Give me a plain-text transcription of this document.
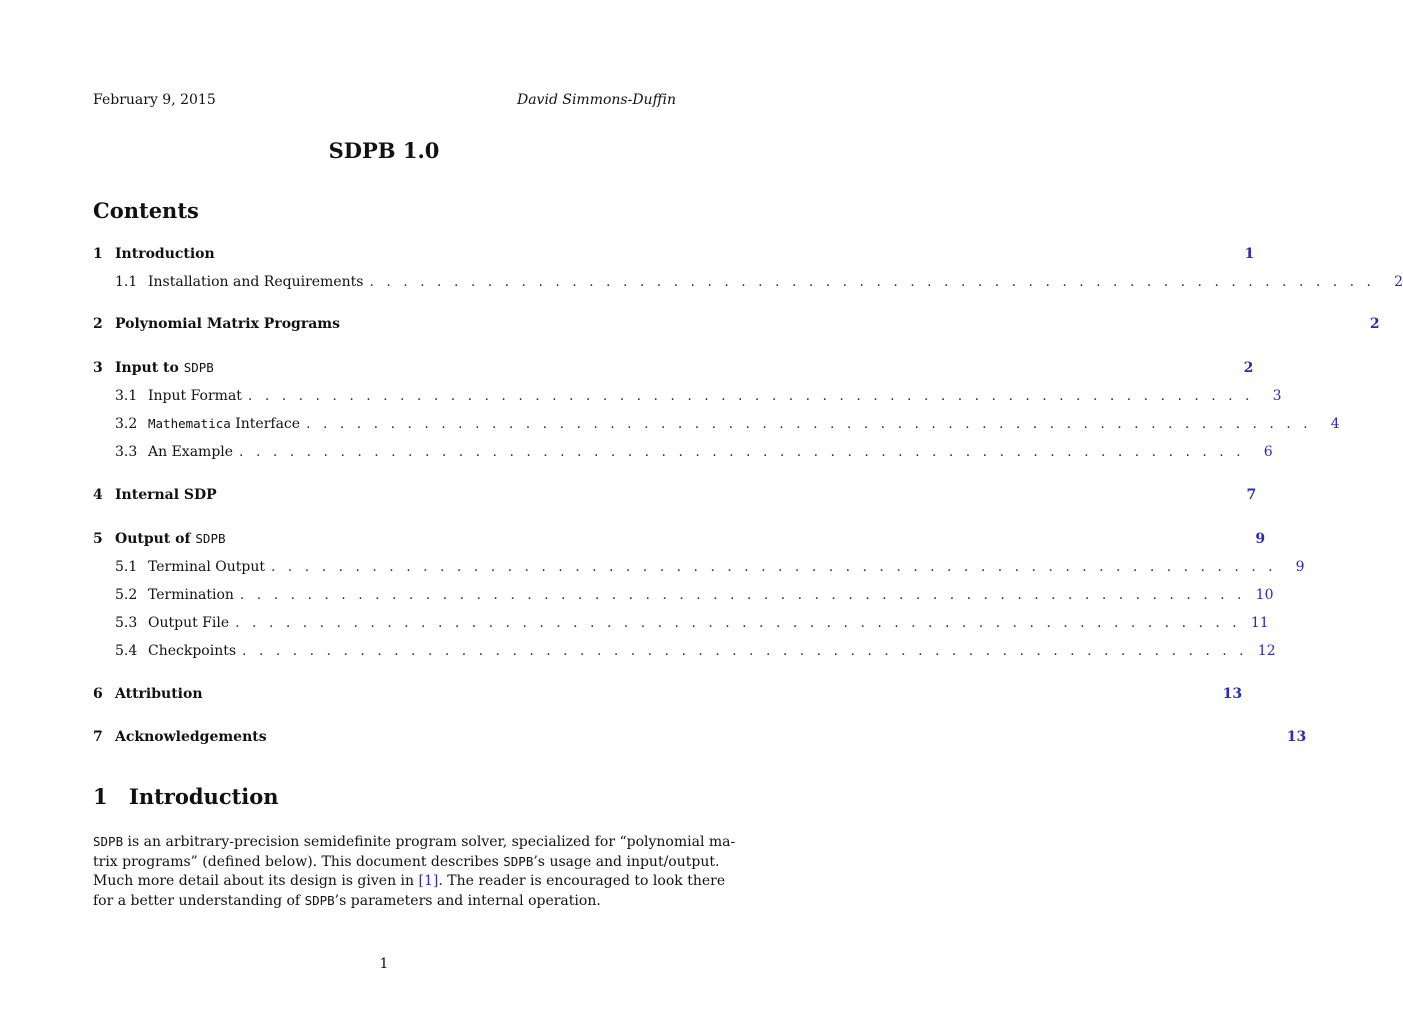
February 9, 2015	David Simmons-Duffin
SDPB 1.0
Contents
1 Introduction	1
1.1 Installation and Requirements . . . . . . . . . . . . . . . . . . . . . . . . . . . . . . . . . . . . . . . . . . . . . . . . . . . . . . . . . . . .	2
2 Polynomial Matrix Programs	2
3 Input to SDPB	2
3.1 Input Format . . . . . . . . . . . . . . . . . . . . . . . . . . . . . . . . . . . . . . . . . . . . . . . . . . . . . . . . . . . .	3
3.2 Mathematica Interface . . . . . . . . . . . . . . . . . . . . . . . . . . . . . . . . . . . . . . . . . . . . . . . . . . . . . . . . . . . .	4
3.3 An Example . . . . . . . . . . . . . . . . . . . . . . . . . . . . . . . . . . . . . . . . . . . . . . . . . . . . . . . . . . . .	6
4 Internal SDP	7
5 Output of SDPB	9
5.1 Terminal Output . . . . . . . . . . . . . . . . . . . . . . . . . . . . . . . . . . . . . . . . . . . . . . . . . . . . . . . . . . . .	9
5.2 Termination . . . . . . . . . . . . . . . . . . . . . . . . . . . . . . . . . . . . . . . . . . . . . . . . . . . . . . . . . . . . 10
5.3 Output File . . . . . . . . . . . . . . . . . . . . . . . . . . . . . . . . . . . . . . . . . . . . . . . . . . . . . . . . . . . . 11
5.4 Checkpoints . . . . . . . . . . . . . . . . . . . . . . . . . . . . . . . . . . . . . . . . . . . . . . . . . . . . . . . . . . . . 12
6 Attribution	13
7 Acknowledgements	13
1 Introduction
SDPB is an arbitrary-precision semidefinite program solver, specialized for “polynomial ma-
trix programs” (defined below). This document describes SDPB’s usage and input/output.
Much more detail about its design is given in [1]. The reader is encouraged to look there
for a better understanding of SDPB’s parameters and internal operation.
1
